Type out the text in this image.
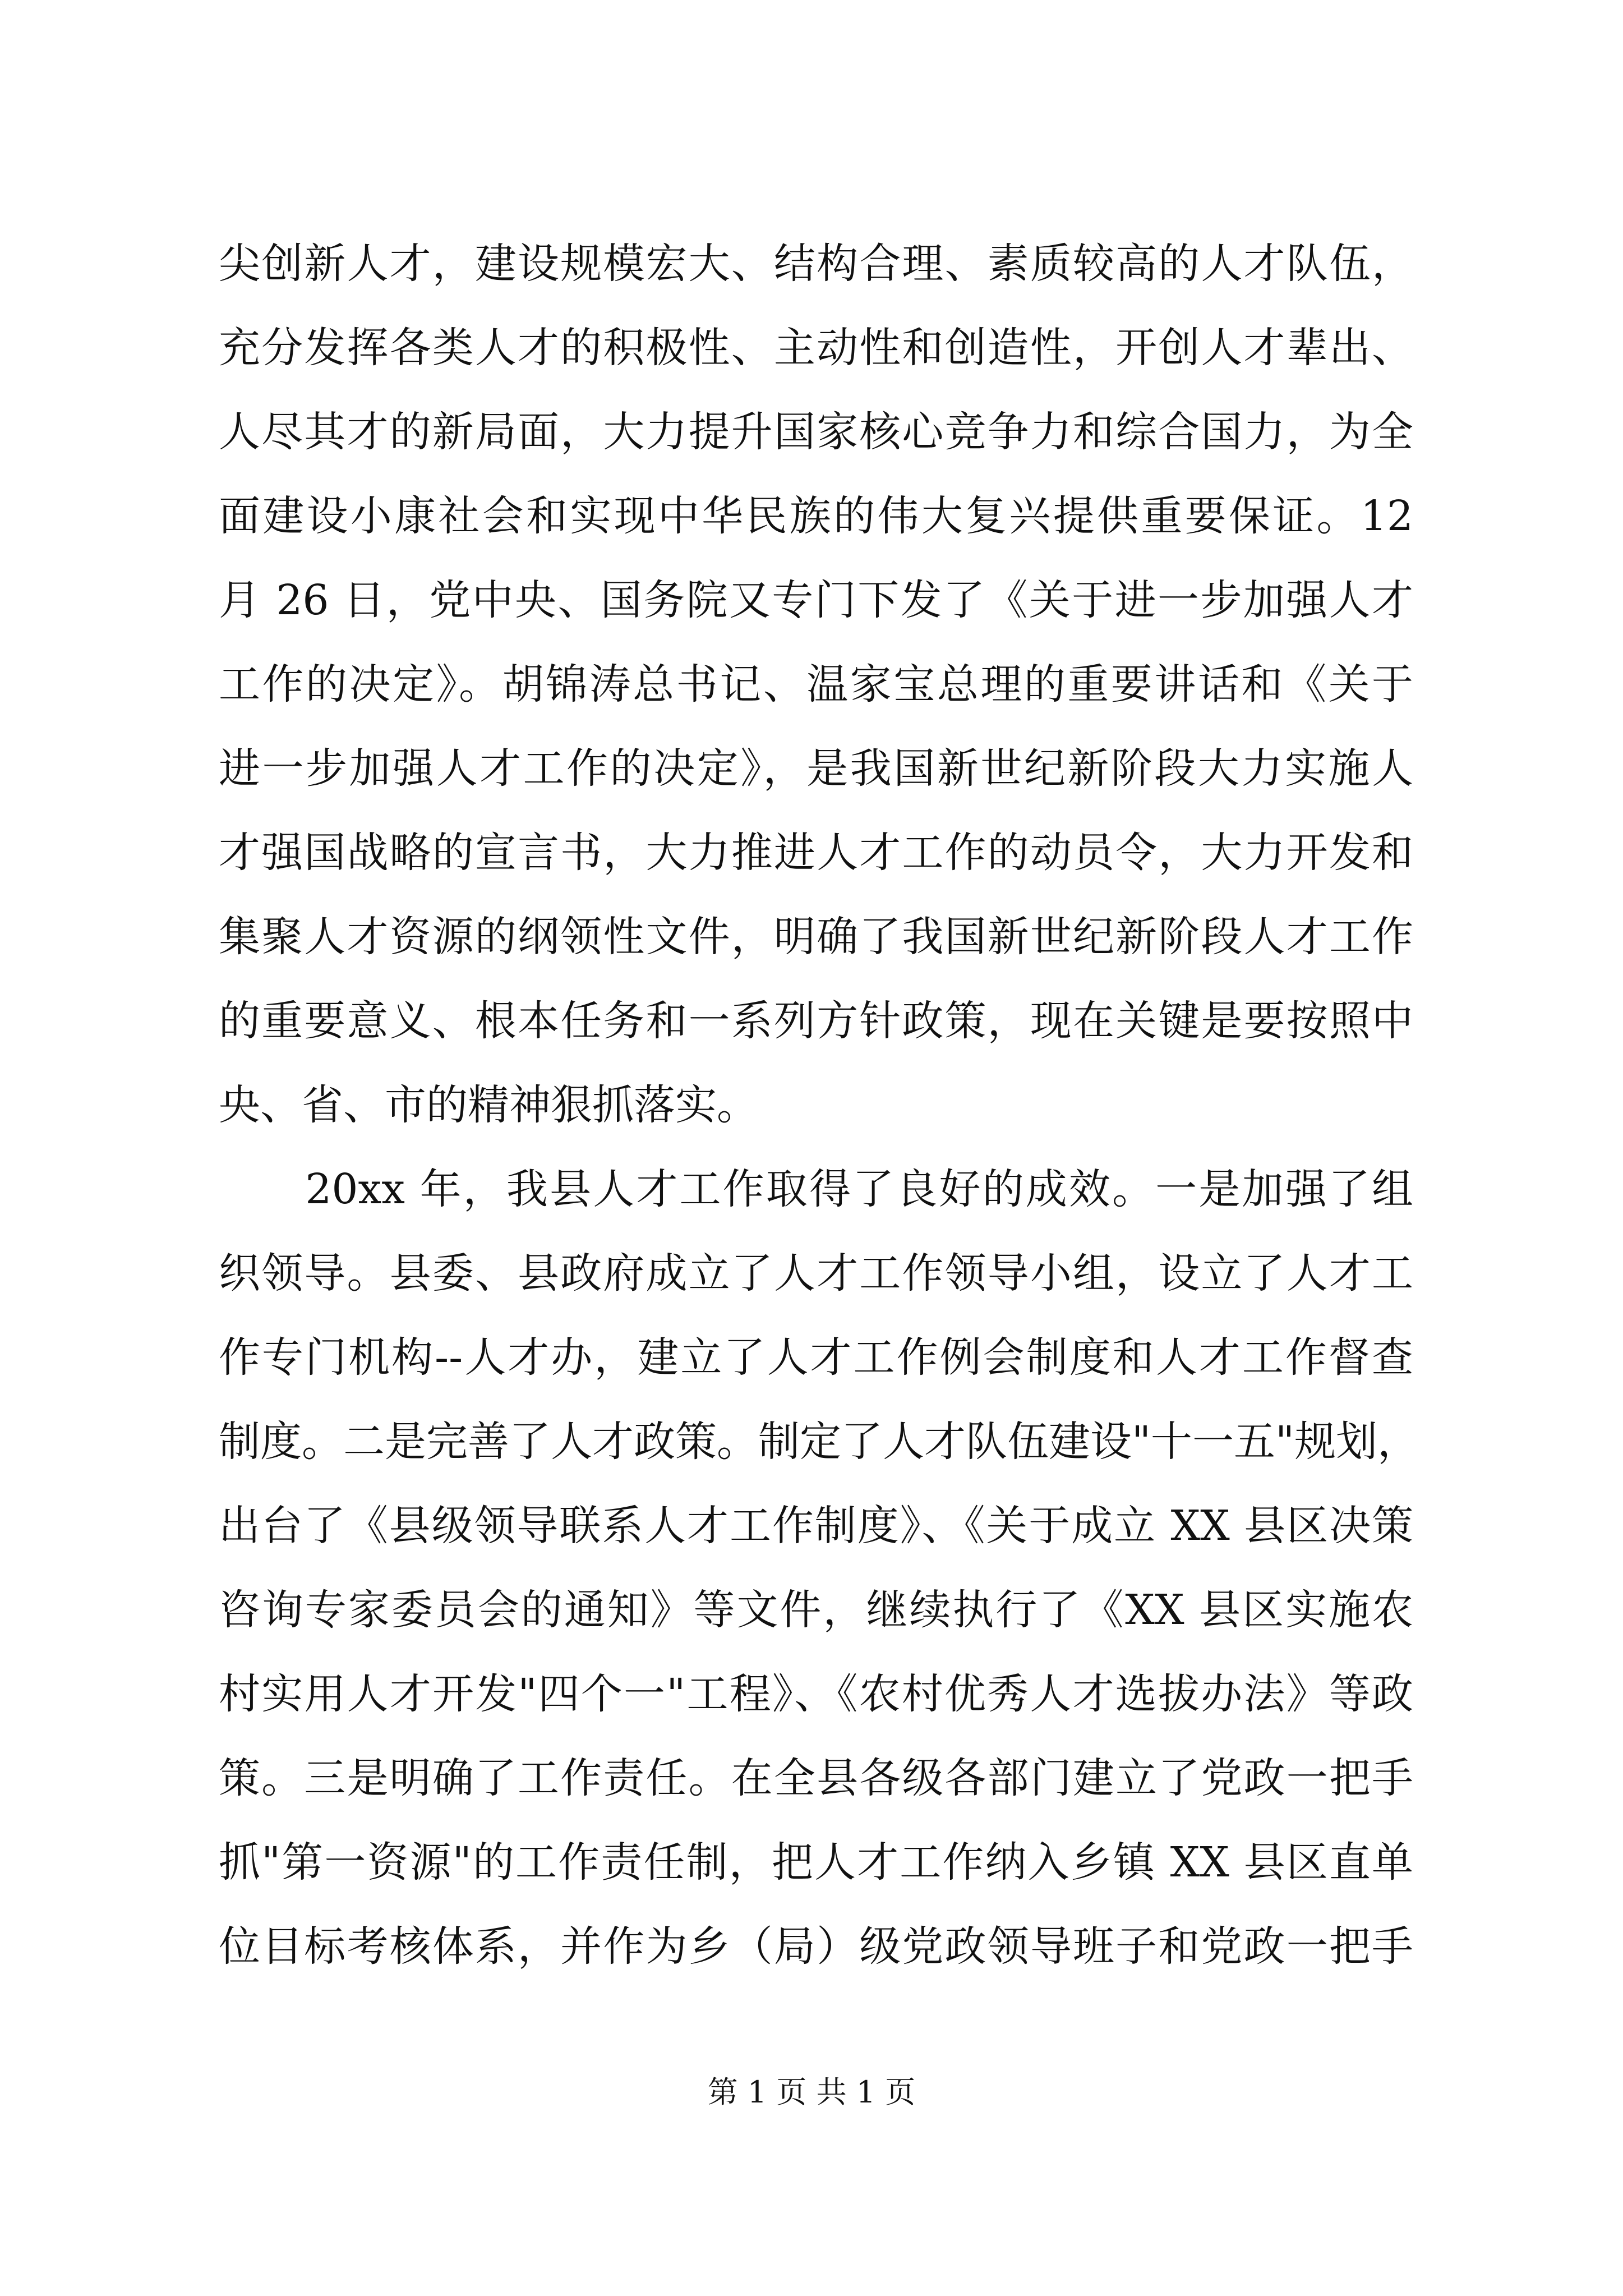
尖创新人才，建设规模宏大、结构合理、素质较高的人才队伍，
充分发挥各类人才的积极性、主动性和创造性，开创人才辈出、
人尽其才的新局面，大力提升国家核心竞争力和综合国力，为全
面建设小康社会和实现中华民族的伟大复兴提供重要保证。12
月 26 日，党中央、国务院又专门下发了《关于进一步加强人才
工作的决定》。胡锦涛总书记、温家宝总理的重要讲话和《关于
进一步加强人才工作的决定》，是我国新世纪新阶段大力实施人
才强国战略的宣言书，大力推进人才工作的动员令，大力开发和
集聚人才资源的纲领性文件，明确了我国新世纪新阶段人才工作
的重要意义、根本任务和一系列方针政策，现在关键是要按照中
央、省、市的精神狠抓落实。
　　20xx 年，我县人才工作取得了良好的成效。一是加强了组
织领导。县委、县政府成立了人才工作领导小组，设立了人才工
作专门机构--人才办，建立了人才工作例会制度和人才工作督查
制度。二是完善了人才政策。制定了人才队伍建设"十一五"规划，
出台了《县级领导联系人才工作制度》、《关于成立 XX 县区决策
咨询专家委员会的通知》等文件，继续执行了《XX 县区实施农
村实用人才开发"四个一"工程》、《农村优秀人才选拔办法》等政
策。三是明确了工作责任。在全县各级各部门建立了党政一把手
抓"第一资源"的工作责任制，把人才工作纳入乡镇 XX 县区直单
位目标考核体系，并作为乡（局）级党政领导班子和党政一把手
第 1 页 共 1 页
